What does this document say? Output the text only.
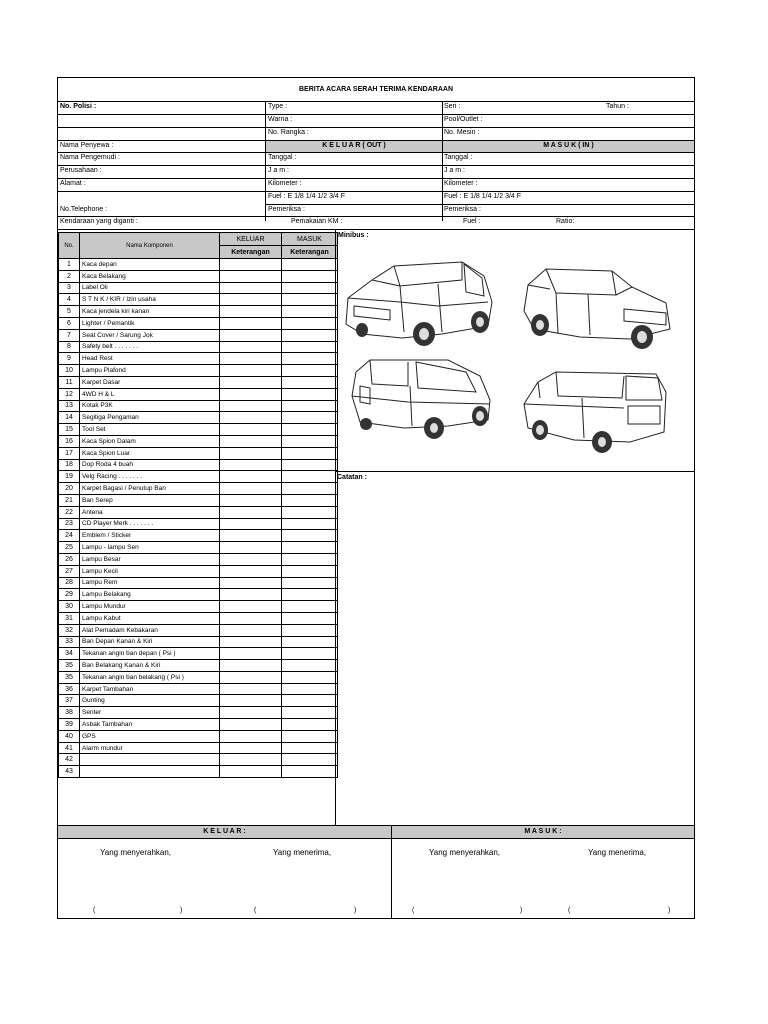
BERITA ACARA SERAH TERIMA KENDARAAN
No. Polisi :	Type :	Seri :	Tahun :
Warna :	Pool/Outlet :
No. Rangka :	No. Mesin :
Nama Penyewa :	K E L U A R ( OUT )	M A S U K ( IN )
Nama Pengemudi :	Tanggal :	Tanggal :
Perusahaan :	J a m :	J a m :
Alamat :	Kilometer :	Kilometer :
Fuel : E 1/8 1/4 1/2 3/4 F	Fuel : E 1/8 1/4 1/2 3/4 F
No.Telephone :	Pemeriksa :	Pemeriksa :
Kendaraan yang diganti :	Pemakaian KM :	Fuel :	Ratio:
No.	Nama Komponen	KELUAR	MASUK
		Keterangan	Keterangan
1	Kaca depan		
2	Kaca Belakang		
3	Label Oli		
4	S T N K / KIR / Izin usaha		
5	Kaca jendela kiri kanan		
6	Lighter / Pemantik		
7	Seat Cover / Sarung Jok		
8	Safety belt . . . . . . .		
9	Head Rest		
10	Lampu Plafond		
11	Karpet Dasar		
12	4WD H & L		
13	Kotak P3K		
14	Segitiga Pengaman		
15	Tool Set		
16	Kaca Spion Dalam		
17	Kaca Spion Luar		
18	Dop Roda 4 buah		
19	Velg Racing . . . . . . .		
20	Karpet Bagasi / Penutup Ban		
21	Ban Serep		
22	Antena		
23	CD Player Merk . . . . . . .		
24	Emblem / Sticker		
25	Lampu - lampu Sen		
26	Lampu Besar		
27	Lampu Kecil		
28	Lampu Rem		
29	Lampu Belakang		
30	Lampu Mundur		
31	Lampu Kabut		
32	Alat Pemadam Kebakaran		
33	Ban Depan Kanan & Kiri		
34	Tekanan angin ban depan ( Psi )		
35	Ban Belakang Kanan & Kiri		
35	Tekanan angin ban belakang ( Psi )		
36	Karpet Tambahan		
37	Gunting		
38	Senter		
39	Asbak Tambahan		
40	GPS		
41	Alarm mundur		
42			
43			
Minibus :
Catatan :
K E L U A R :	M A S U K :
Yang menyerahkan,	Yang menerima,	Yang menyerahkan,	Yang menerima,
(	)	(	)	(	)	(	)
